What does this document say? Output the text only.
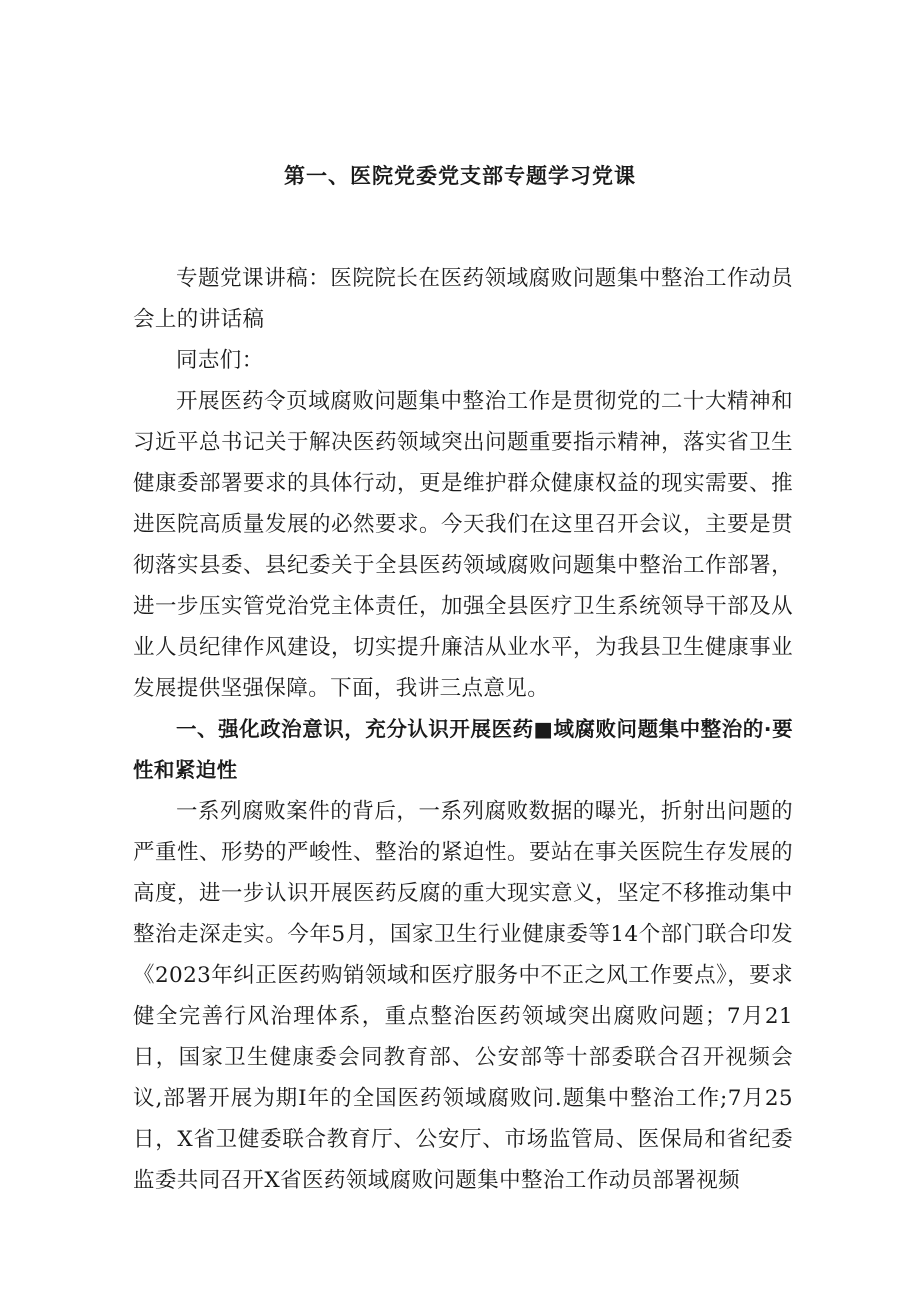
第一、医院党委党支部专题学习党课

专题党课讲稿：医院院长在医药领域腐败问题集中整治工作动员会上的讲话稿

同志们：

开展医药令页域腐败问题集中整治工作是贯彻党的二十大精神和习近平总书记关于解决医药领域突出问题重要指示精神，落实省卫生健康委部署要求的具体行动，更是维护群众健康权益的现实需要、推进医院高质量发展的必然要求。今天我们在这里召开会议，主要是贯彻落实县委、县纪委关于全县医药领域腐败问题集中整治工作部署，进一步压实管党治党主体责任，加强全县医疗卫生系统领导干部及从业人员纪律作风建设，切实提升廉洁从业水平，为我县卫生健康事业发展提供坚强保障。下面，我讲三点意见。

一、强化政治意识，充分认识开展医药■域腐败问题集中整治的·要性和紧迫性

一系列腐败案件的背后，一系列腐败数据的曝光，折射出问题的严重性、形势的严峻性、整治的紧迫性。要站在事关医院生存发展的高度，进一步认识开展医药反腐的重大现实意义，坚定不移推动集中整治走深走实。今年5月，国家卫生行业健康委等14个部门联合印发《2023年纠正医药购销领域和医疗服务中不正之风工作要点》，要求健全完善行风治理体系，重点整治医药领域突出腐败问题；7月21日，国家卫生健康委会同教育部、公安部等十部委联合召开视频会议,部署开展为期I年的全国医药领域腐败问.题集中整治工作;7月25日，X省卫健委联合教育厅、公安厅、市场监管局、医保局和省纪委监委共同召开X省医药领域腐败问题集中整治工作动员部署视频
